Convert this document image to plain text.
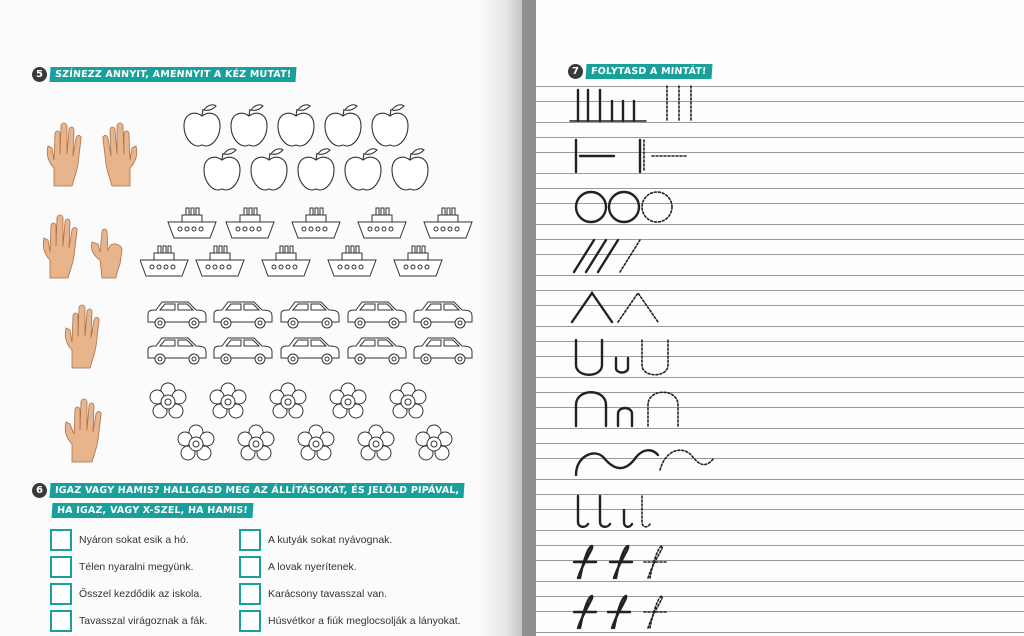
5	SZÍNEZZ ANNYIT, AMENNYIT A KÉZ MUTAT!
6	IGAZ VAGY HAMIS? HALLGASD MEG AZ ÁLLÍTÁSOKAT, ÉS JELÖLD PIPÁVAL,
HA IGAZ, VAGY X-SZEL, HA HAMIS!
Nyáron sokat esik a hó.
Télen nyaralni megyünk.
Ősszel kezdődik az iskola.
Tavasszal virágoznak a fák.
A kutyák sokat nyávognak.
A lovak nyerítenek.
Karácsony tavasszal van.
Húsvétkor a fiúk meglocsolják a lányokat.
7	FOLYTASD A MINTÁT!
